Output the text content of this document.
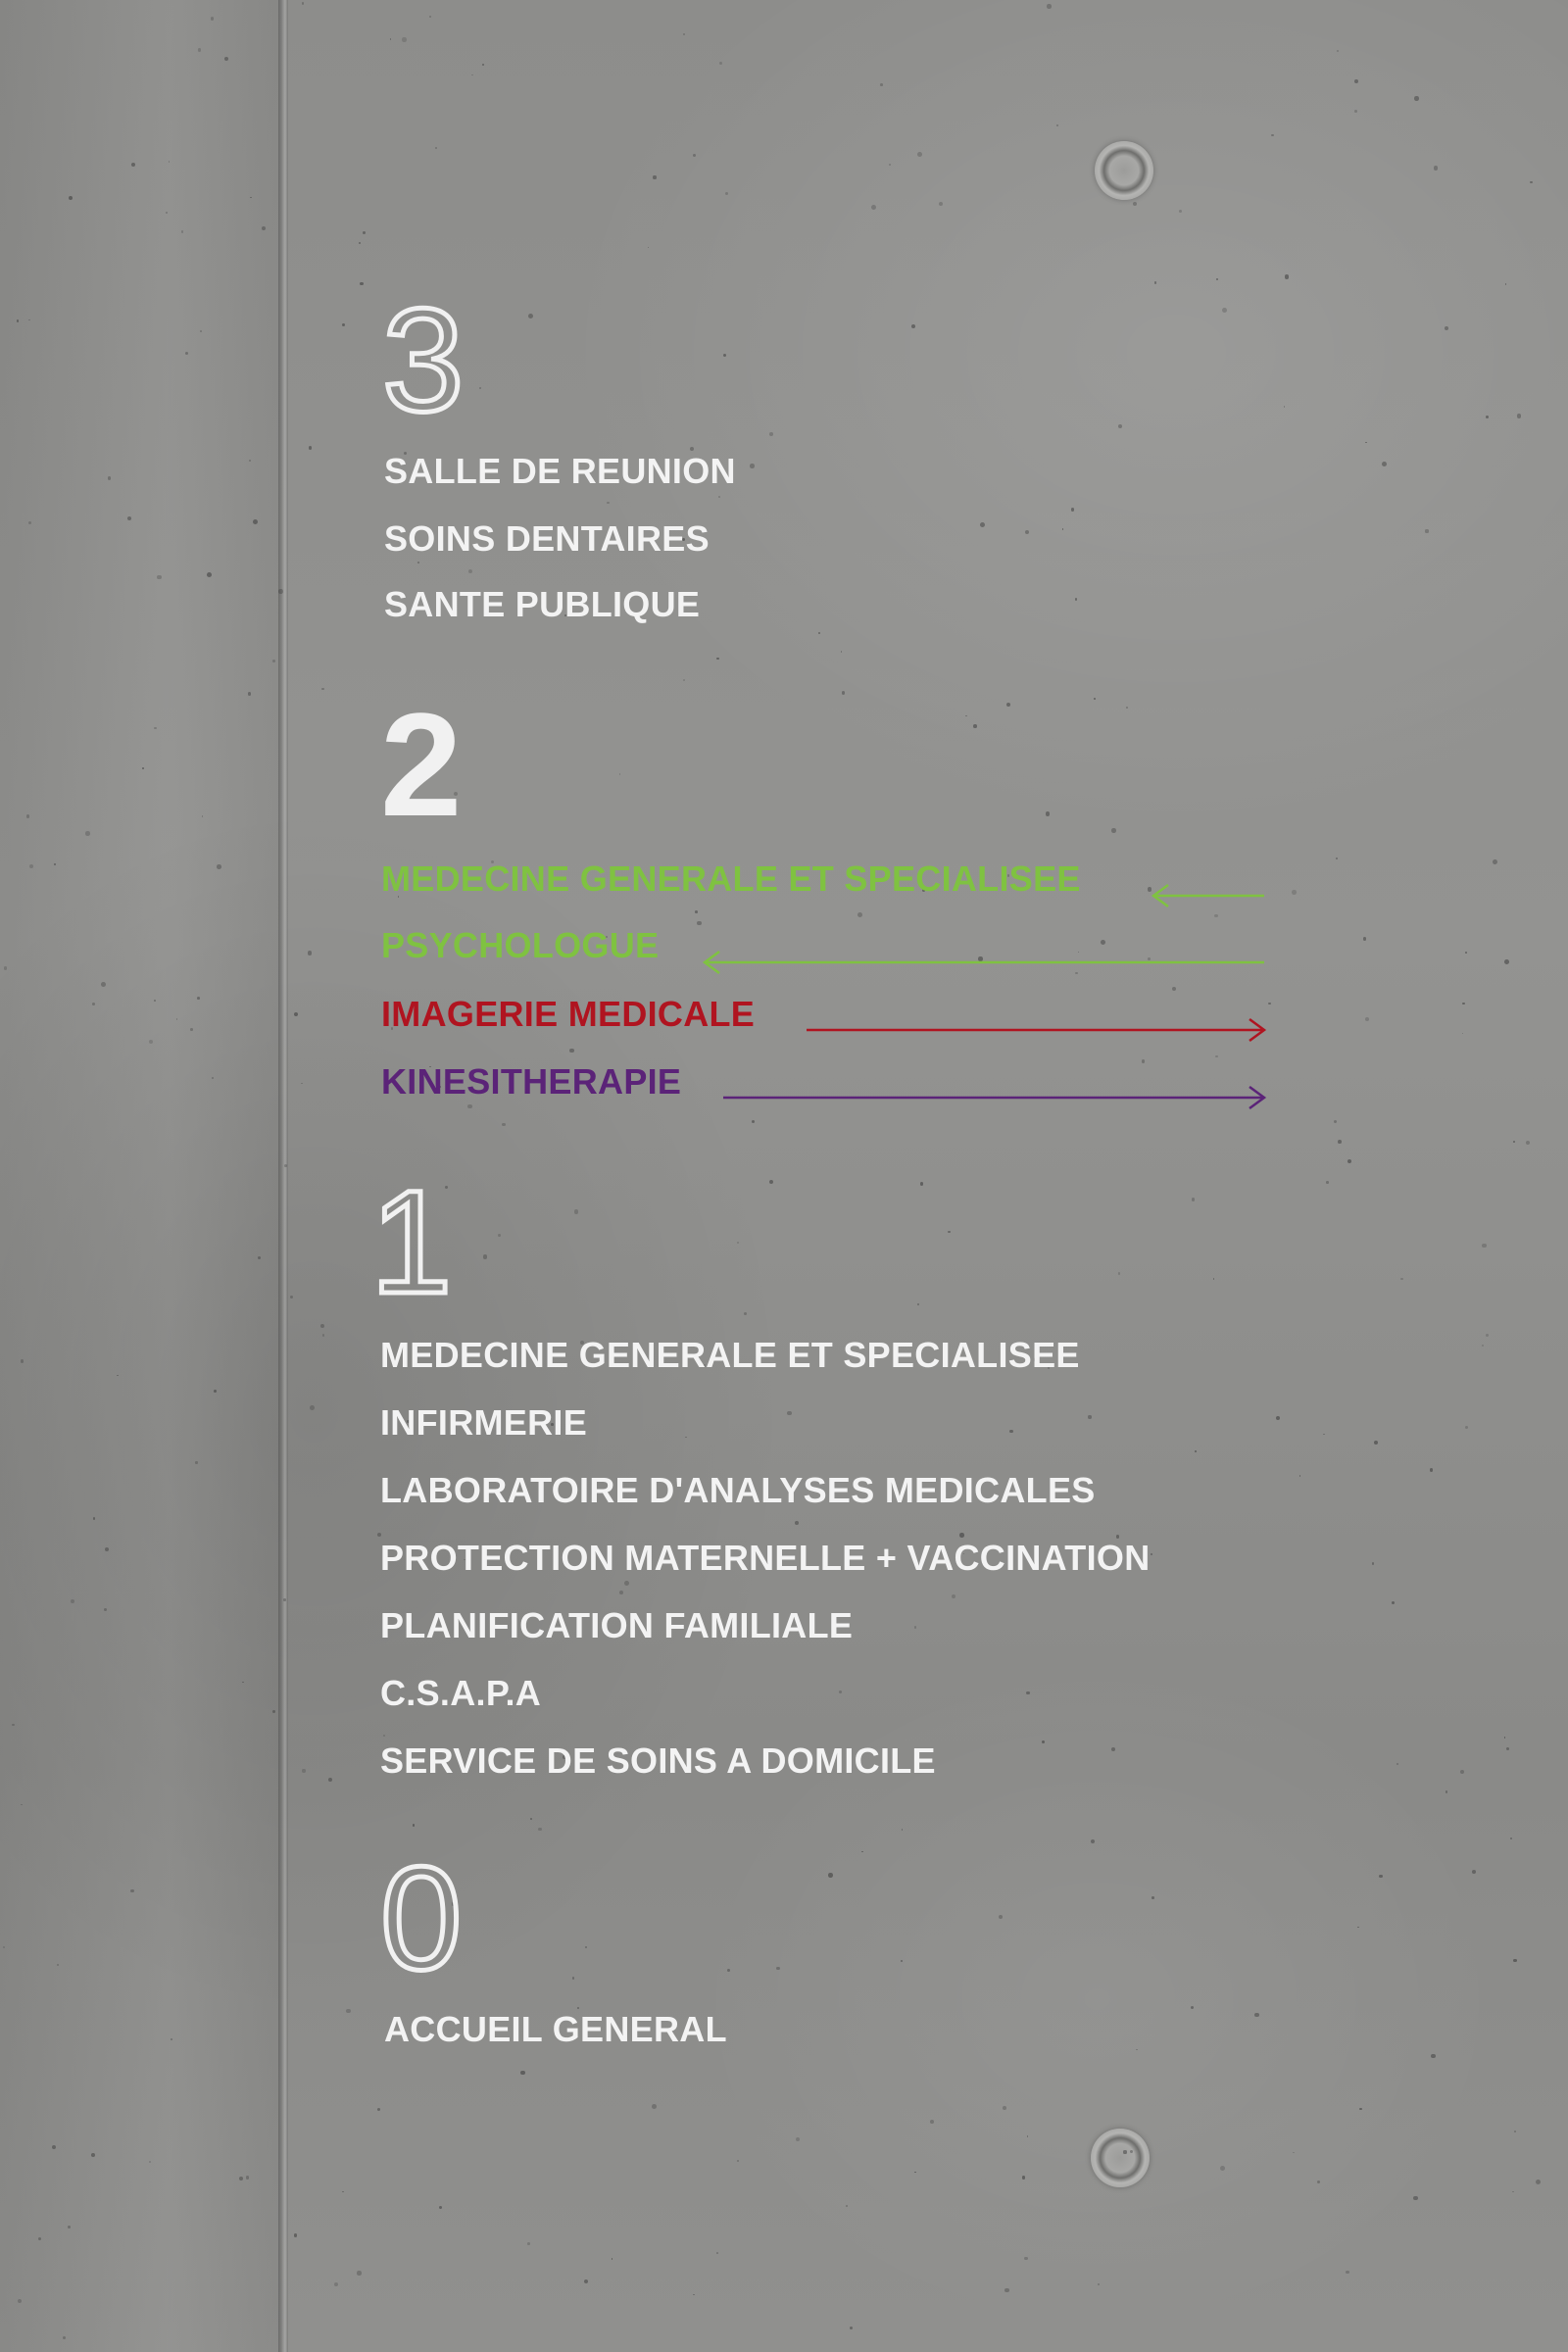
3
SALLE DE REUNION
SOINS DENTAIRES
SANTE PUBLIQUE
2
MEDECINE GENERALE ET SPECIALISEE
PSYCHOLOGUE
IMAGERIE MEDICALE
KINESITHERAPIE
1
MEDECINE GENERALE ET SPECIALISEE
INFIRMERIE
LABORATOIRE D'ANALYSES MEDICALES
PROTECTION MATERNELLE + VACCINATION
PLANIFICATION FAMILIALE
C.S.A.P.A
SERVICE DE SOINS A DOMICILE
0
ACCUEIL GENERAL
